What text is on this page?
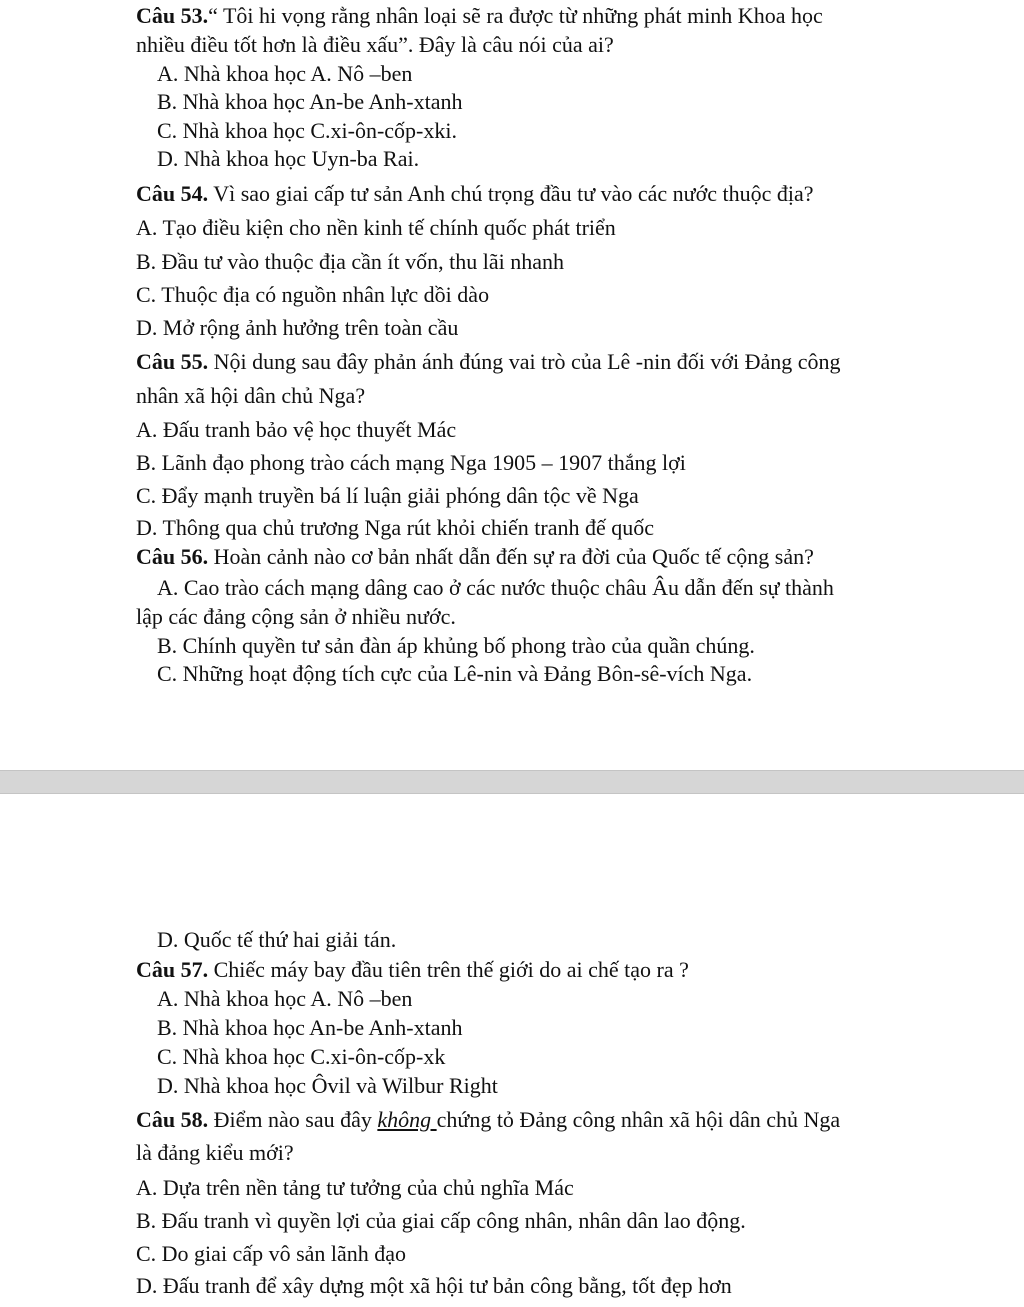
Câu 53.“ Tôi hi vọng rằng nhân loại sẽ ra được từ những phát minh Khoa học
nhiều điều tốt hơn là điều xấu”. Đây là câu nói của ai?
A. Nhà khoa học A. Nô –ben
B. Nhà khoa học An-be Anh-xtanh
C. Nhà khoa học C.xi-ôn-cốp-xki.
D. Nhà khoa học Uyn-ba Rai.
Câu 54. Vì sao giai cấp tư sản Anh chú trọng đầu tư vào các nước thuộc địa?
A. Tạo điều kiện cho nền kinh tế chính quốc phát triển
B. Đầu tư vào thuộc địa cần ít vốn, thu lãi nhanh
C. Thuộc địa có nguồn nhân lực dồi dào
D. Mở rộng ảnh hưởng trên toàn cầu
Câu 55. Nội dung sau đây phản ánh đúng vai trò của Lê -nin đối với Đảng công
nhân xã hội dân chủ Nga?
A. Đấu tranh bảo vệ học thuyết Mác
B. Lãnh đạo phong trào cách mạng Nga 1905 – 1907 thắng lợi
C. Đẩy mạnh truyền bá lí luận giải phóng dân tộc về Nga
D. Thông qua chủ trương Nga rút khỏi chiến tranh đế quốc
Câu 56. Hoàn cảnh nào cơ bản nhất dẫn đến sự ra đời của Quốc tế cộng sản?
A. Cao trào cách mạng dâng cao ở các nước thuộc châu Âu dẫn đến sự thành
lập các đảng cộng sản ở nhiều nước.
B. Chính quyền tư sản đàn áp khủng bố phong trào của quần chúng.
C. Những hoạt động tích cực của Lê-nin và Đảng Bôn-sê-vích Nga.
D. Quốc tế thứ hai giải tán.
Câu 57. Chiếc máy bay đầu tiên trên thế giới do ai chế tạo ra ?
A. Nhà khoa học A. Nô –ben
B. Nhà khoa học An-be Anh-xtanh
C. Nhà khoa học C.xi-ôn-cốp-xk
D. Nhà khoa học Ôvil và Wilbur Right
Câu 58. Điểm nào sau đây không chứng tỏ Đảng công nhân xã hội dân chủ Nga
là đảng kiểu mới?
A. Dựa trên nền tảng tư tưởng của chủ nghĩa Mác
B. Đấu tranh vì quyền lợi của giai cấp công nhân, nhân dân lao động.
C. Do giai cấp vô sản lãnh đạo
D. Đấu tranh để xây dựng một xã hội tư bản công bằng, tốt đẹp hơn
